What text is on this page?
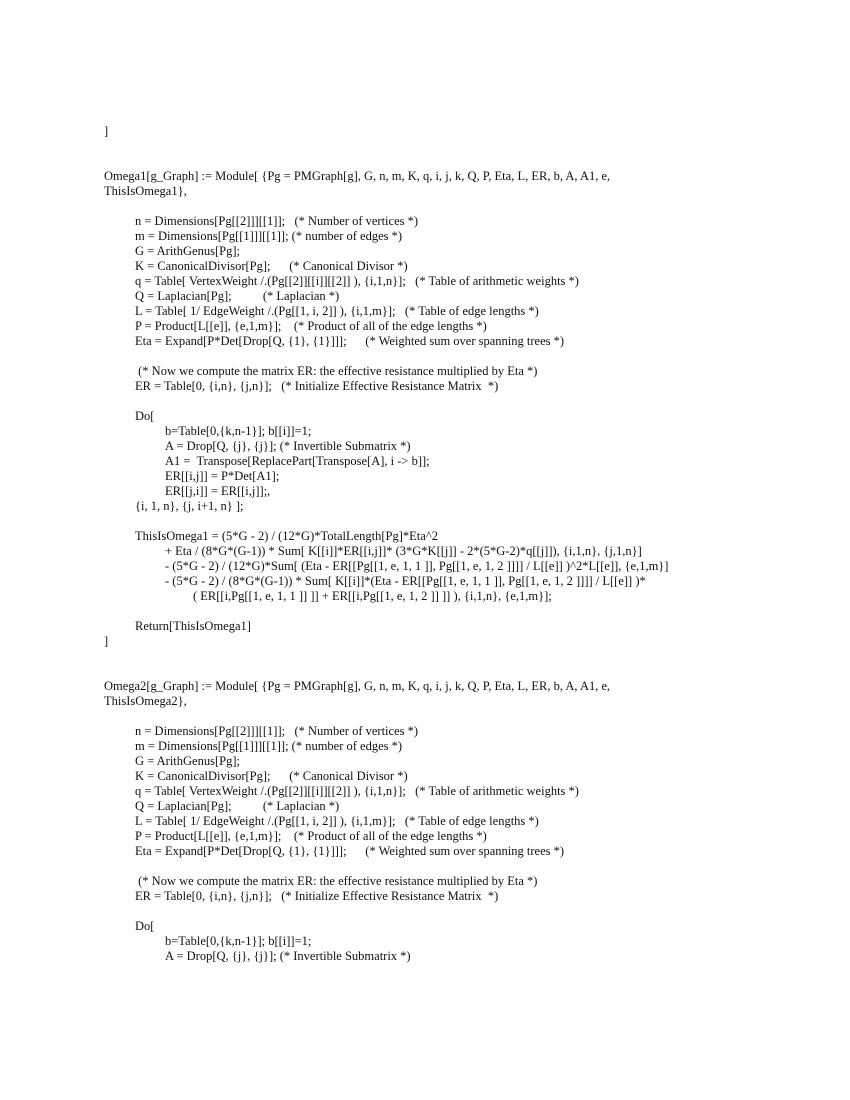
]
Omega1[g_Graph] := Module[ {Pg = PMGraph[g], G, n, m, K, q, i, j, k, Q, P, Eta, L, ER, b, A, A1, e,
ThisIsOmega1},
n = Dimensions[Pg[[2]]][[1]];   (* Number of vertices *)
m = Dimensions[Pg[[1]]][[1]]; (* number of edges *)
G = ArithGenus[Pg];
K = CanonicalDivisor[Pg];      (* Canonical Divisor *)
q = Table[ VertexWeight /.(Pg[[2]][[i]][[2]] ), {i,1,n}];   (* Table of arithmetic weights *)
Q = Laplacian[Pg];          (* Laplacian *)
L = Table[ 1/ EdgeWeight /.(Pg[[1, i, 2]] ), {i,1,m}];   (* Table of edge lengths *)
P = Product[L[[e]], {e,1,m}];    (* Product of all of the edge lengths *)
Eta = Expand[P*Det[Drop[Q, {1}, {1}]]];      (* Weighted sum over spanning trees *)
(* Now we compute the matrix ER: the effective resistance multiplied by Eta *)
ER = Table[0, {i,n}, {j,n}];   (* Initialize Effective Resistance Matrix  *)
Do[
b=Table[0,{k,n-1}]; b[[i]]=1;
A = Drop[Q, {j}, {j}]; (* Invertible Submatrix *)
A1 =  Transpose[ReplacePart[Transpose[A], i -> b]];
ER[[i,j]] = P*Det[A1];
ER[[j,i]] = ER[[i,j]];,
{i, 1, n}, {j, i+1, n} ];
ThisIsOmega1 = (5*G - 2) / (12*G)*TotalLength[Pg]*Eta^2
+ Eta / (8*G*(G-1)) * Sum[ K[[i]]*ER[[i,j]]* (3*G*K[[j]] - 2*(5*G-2)*q[[j]]), {i,1,n}, {j,1,n}]
- (5*G - 2) / (12*G)*Sum[ (Eta - ER[[Pg[[1, e, 1, 1 ]], Pg[[1, e, 1, 2 ]]]] / L[[e]] )^2*L[[e]], {e,1,m}]
- (5*G - 2) / (8*G*(G-1)) * Sum[ K[[i]]*(Eta - ER[[Pg[[1, e, 1, 1 ]], Pg[[1, e, 1, 2 ]]]] / L[[e]] )*
( ER[[i,Pg[[1, e, 1, 1 ]] ]] + ER[[i,Pg[[1, e, 1, 2 ]] ]] ), {i,1,n}, {e,1,m}];
Return[ThisIsOmega1]
]
Omega2[g_Graph] := Module[ {Pg = PMGraph[g], G, n, m, K, q, i, j, k, Q, P, Eta, L, ER, b, A, A1, e,
ThisIsOmega2},
n = Dimensions[Pg[[2]]][[1]];   (* Number of vertices *)
m = Dimensions[Pg[[1]]][[1]]; (* number of edges *)
G = ArithGenus[Pg];
K = CanonicalDivisor[Pg];      (* Canonical Divisor *)
q = Table[ VertexWeight /.(Pg[[2]][[i]][[2]] ), {i,1,n}];   (* Table of arithmetic weights *)
Q = Laplacian[Pg];          (* Laplacian *)
L = Table[ 1/ EdgeWeight /.(Pg[[1, i, 2]] ), {i,1,m}];   (* Table of edge lengths *)
P = Product[L[[e]], {e,1,m}];    (* Product of all of the edge lengths *)
Eta = Expand[P*Det[Drop[Q, {1}, {1}]]];      (* Weighted sum over spanning trees *)
(* Now we compute the matrix ER: the effective resistance multiplied by Eta *)
ER = Table[0, {i,n}, {j,n}];   (* Initialize Effective Resistance Matrix  *)
Do[
b=Table[0,{k,n-1}]; b[[i]]=1;
A = Drop[Q, {j}, {j}]; (* Invertible Submatrix *)
